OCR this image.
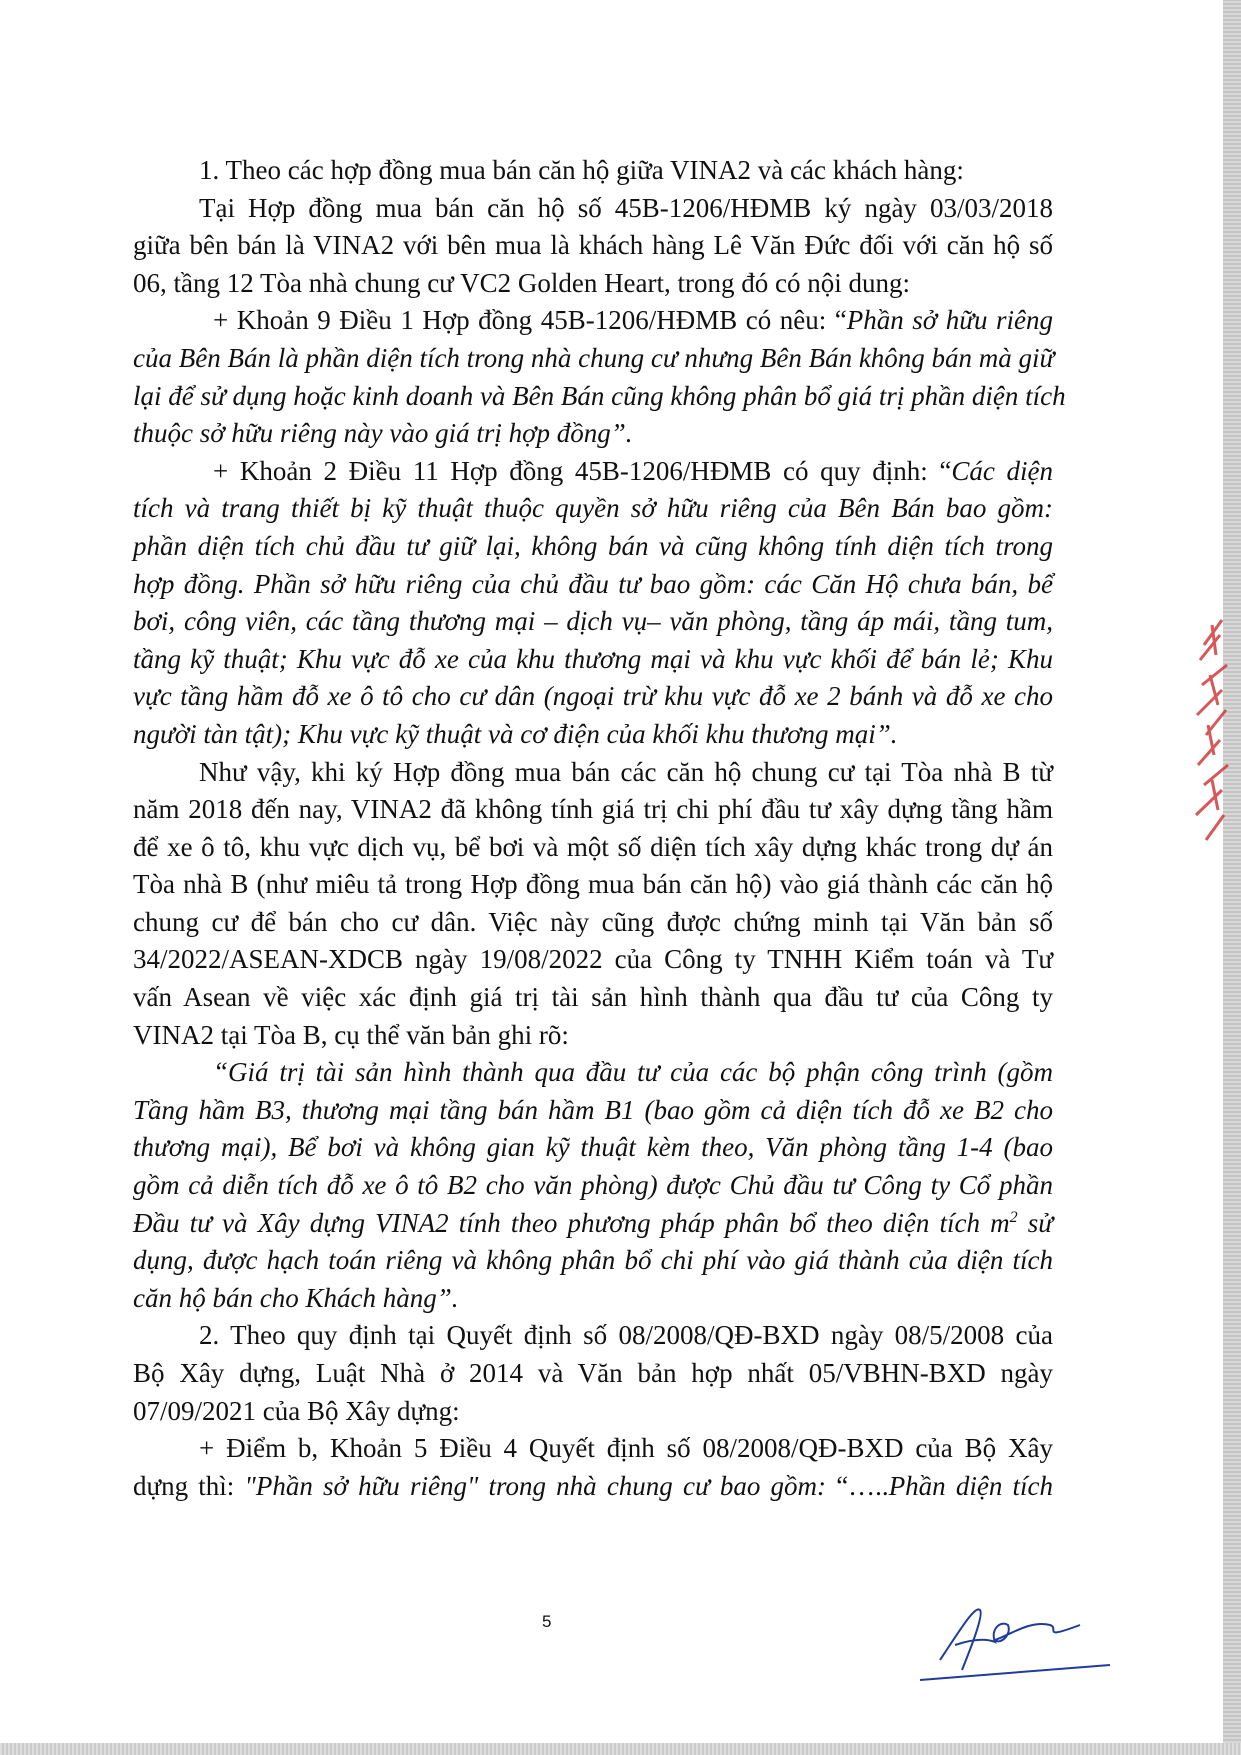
1. Theo các hợp đồng mua bán căn hộ giữa VINA2 và các khách hàng:
Tại Hợp đồng mua bán căn hộ số 45B-1206/HĐMB ký ngày 03/03/2018
giữa bên bán là VINA2 với bên mua là khách hàng Lê Văn Đức đối với căn hộ số
06, tầng 12 Tòa nhà chung cư VC2 Golden Heart, trong đó có nội dung:
+ Khoản 9 Điều 1 Hợp đồng 45B-1206/HĐMB có nêu: “Phần sở hữu riêng
của Bên Bán là phần diện tích trong nhà chung cư nhưng Bên Bán không bán mà giữ
lại để sử dụng hoặc kinh doanh và Bên Bán cũng không phân bổ giá trị phần diện tích
thuộc sở hữu riêng này vào giá trị hợp đồng”.
+ Khoản 2 Điều 11 Hợp đồng 45B-1206/HĐMB có quy định: “Các diện
tích và trang thiết bị kỹ thuật thuộc quyền sở hữu riêng của Bên Bán bao gồm:
phần diện tích chủ đầu tư giữ lại, không bán và cũng không tính diện tích trong
hợp đồng. Phần sở hữu riêng của chủ đầu tư bao gồm: các Căn Hộ chưa bán, bể
bơi, công viên, các tầng thương mại – dịch vụ– văn phòng, tầng áp mái, tầng tum,
tầng kỹ thuật; Khu vực đỗ xe của khu thương mại và khu vực khối để bán lẻ; Khu
vực tầng hầm đỗ xe ô tô cho cư dân (ngoại trừ khu vực đỗ xe 2 bánh và đỗ xe cho
người tàn tật); Khu vực kỹ thuật và cơ điện của khối khu thương mại”.
Như vậy, khi ký Hợp đồng mua bán các căn hộ chung cư tại Tòa nhà B từ
năm 2018 đến nay, VINA2 đã không tính giá trị chi phí đầu tư xây dựng tầng hầm
để xe ô tô, khu vực dịch vụ, bể bơi và một số diện tích xây dựng khác trong dự án
Tòa nhà B (như miêu tả trong Hợp đồng mua bán căn hộ) vào giá thành các căn hộ
chung cư để bán cho cư dân. Việc này cũng được chứng minh tại Văn bản số
34/2022/ASEAN-XDCB ngày 19/08/2022 của Công ty TNHH Kiểm toán và Tư
vấn Asean về việc xác định giá trị tài sản hình thành qua đầu tư của Công ty
VINA2 tại Tòa B, cụ thể văn bản ghi rõ:
“Giá trị tài sản hình thành qua đầu tư của các bộ phận công trình (gồm
Tầng hầm B3, thương mại tầng bán hầm B1 (bao gồm cả diện tích đỗ xe B2 cho
thương mại), Bể bơi và không gian kỹ thuật kèm theo, Văn phòng tầng 1-4 (bao
gồm cả diễn tích đỗ xe ô tô B2 cho văn phòng) được Chủ đầu tư Công ty Cổ phần
Đầu tư và Xây dựng VINA2 tính theo phương pháp phân bổ theo diện tích $m^2$ sử
dụng, được hạch toán riêng và không phân bổ chi phí vào giá thành của diện tích
căn hộ bán cho Khách hàng”.
2. Theo quy định tại Quyết định số 08/2008/QĐ-BXD ngày 08/5/2008 của
Bộ Xây dựng, Luật Nhà ở 2014 và Văn bản hợp nhất 05/VBHN-BXD ngày
07/09/2021 của Bộ Xây dựng:
+ Điểm b, Khoản 5 Điều 4 Quyết định số 08/2008/QĐ-BXD của Bộ Xây
dựng thì: "Phần sở hữu riêng" trong nhà chung cư bao gồm: “…..Phần diện tích
5
